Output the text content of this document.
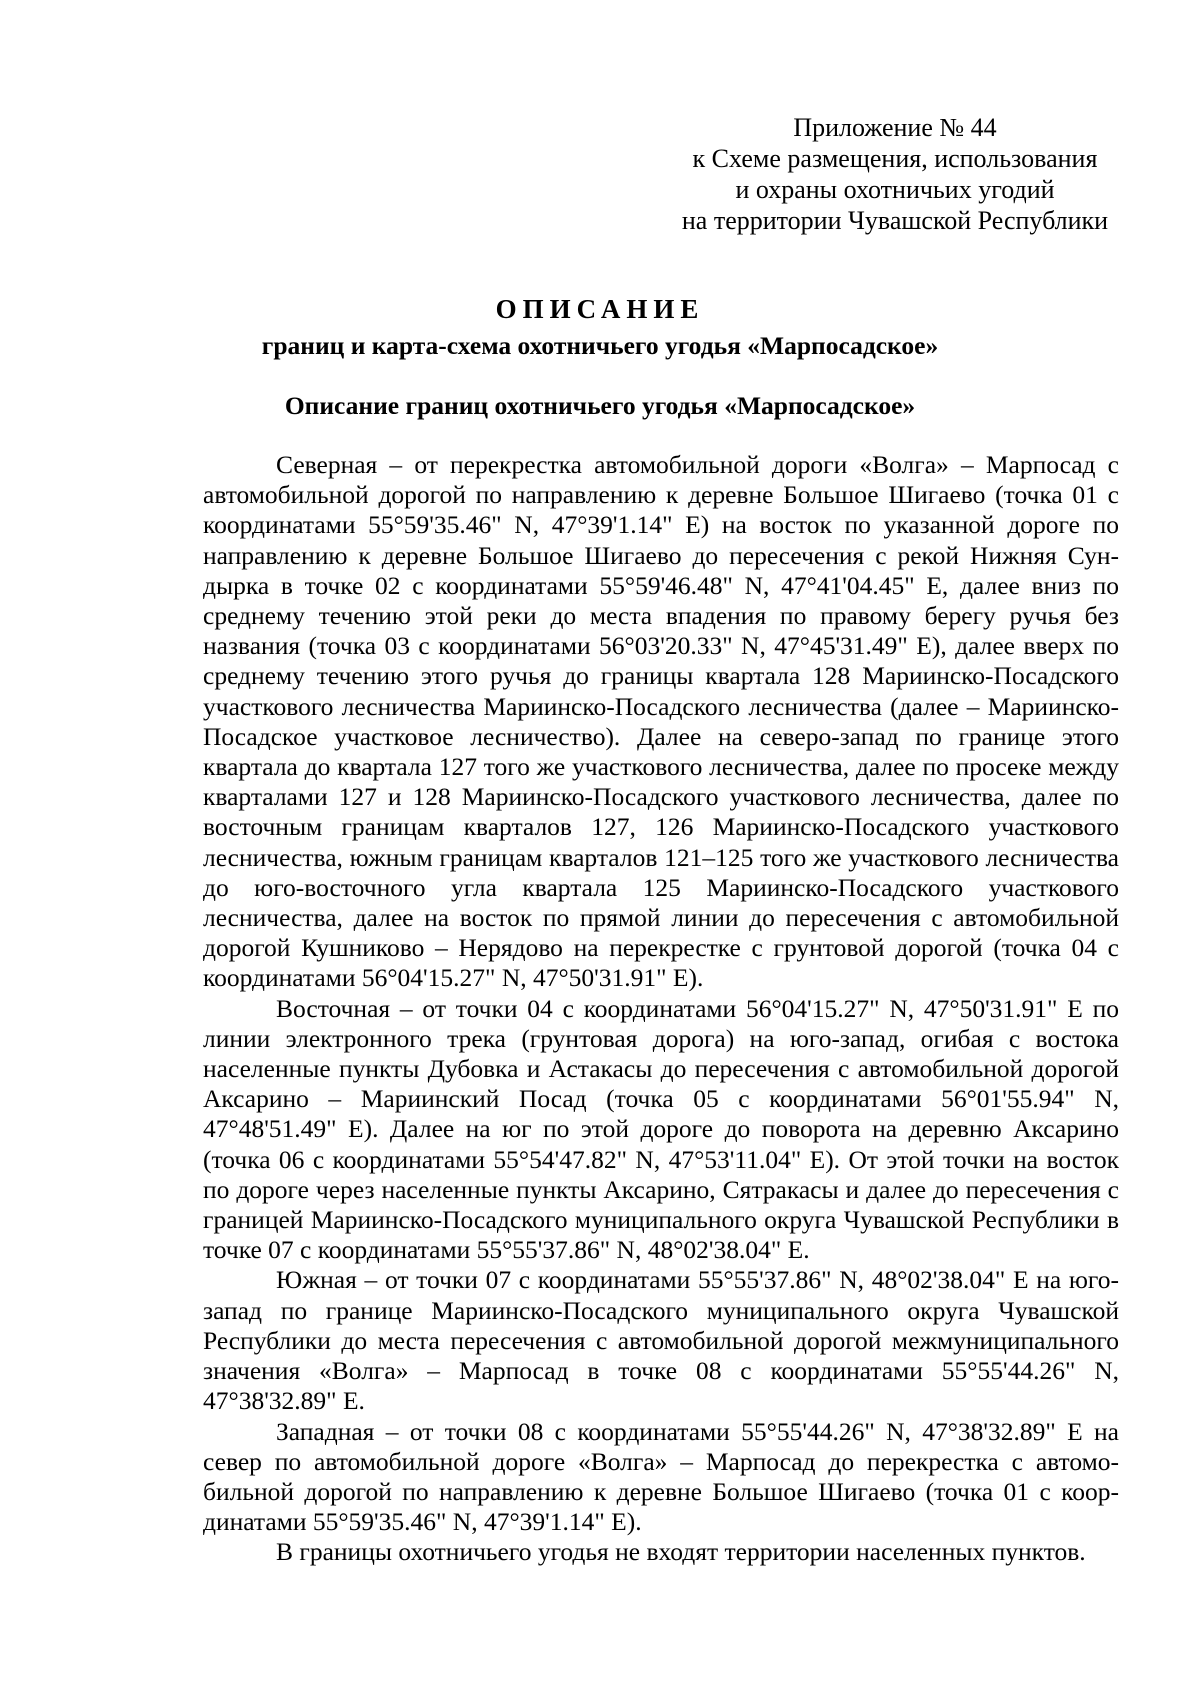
Приложение № 44
к Схеме размещения, использования
и охраны охотничьих угодий
на территории Чувашской Республики
ОПИСАНИЕ
границ и карта-схема охотничьего угодья «Марпосадское»
Описание границ охотничьего угодья «Марпосадское»

Северная – от перекрестка автомобильной дороги «Волга» – Марпосад с автомобильной дорогой по направлению к деревне Большое Шигаево (точка 01 с координатами 55°59'35.46" N, 47°39'1.14" E) на восток по указанной дороге по направлению к деревне Большое Шигаево до пересечения с рекой Нижняя Сундырка в точке 02 с координатами 55°59'46.48" N, 47°41'04.45" E, далее вниз по среднему течению этой реки до места впадения по правому берегу ручья без названия (точка 03 с координатами 56°03'20.33" N, 47°45'31.49" E), далее вверх по среднему течению этого ручья до границы квартала 128 Мариинско-Посадского участкового лесничества Мариинско-Посадского лесничества (далее – Мариинско-Посадское участковое лесничество). Далее на северо-запад по границе этого квартала до квартала 127 того же участкового лесничества, далее по просеке между кварталами 127 и 128 Мариинско-Посадского участкового лесничества, далее по восточным границам кварталов 127, 126 Мариинско-Посадского участкового лесничества, южным границам кварталов 121–125 того же участкового лесничества до юго-восточного угла квартала 125 Мариинско-Посадского участкового лесничества, далее на восток по прямой линии до пересечения с автомобильной дорогой Кушниково – Нерядово на перекрестке с грунтовой дорогой (точка 04 с координатами 56°04'15.27" N, 47°50'31.91" E).

Восточная – от точки 04 с координатами 56°04'15.27" N, 47°50'31.91" E по линии электронного трека (грунтовая дорога) на юго-запад, огибая с востока населенные пункты Дубовка и Астакасы до пересечения с автомобильной дорогой Аксарино – Мариинский Посад (точка 05 с координатами 56°01'55.94" N, 47°48'51.49" E). Далее на юг по этой дороге до поворота на деревню Аксарино (точка 06 с координатами 55°54'47.82" N, 47°53'11.04" E). От этой точки на восток по дороге через населенные пункты Аксарино, Сятракасы и далее до пересечения с границей Мариинско-Посадского муниципального округа Чувашской Республики в точке 07 с координатами 55°55'37.86" N, 48°02'38.04" E.

Южная – от точки 07 с координатами 55°55'37.86" N, 48°02'38.04" E на юго-запад по границе Мариинско-Посадского муниципального округа Чувашской Республики до места пересечения с автомобильной дорогой межмуниципального значения «Волга» – Марпосад в точке 08 с координатами 55°55'44.26" N, 47°38'32.89" E.

Западная – от точки 08 с координатами 55°55'44.26" N, 47°38'32.89" E на север по автомобильной дороге «Волга» – Марпосад до перекрестка с автомобильной дорогой по направлению к деревне Большое Шигаево (точка 01 с координатами 55°59'35.46" N, 47°39'1.14" E).

В границы охотничьего угодья не входят территории населенных пунктов.
